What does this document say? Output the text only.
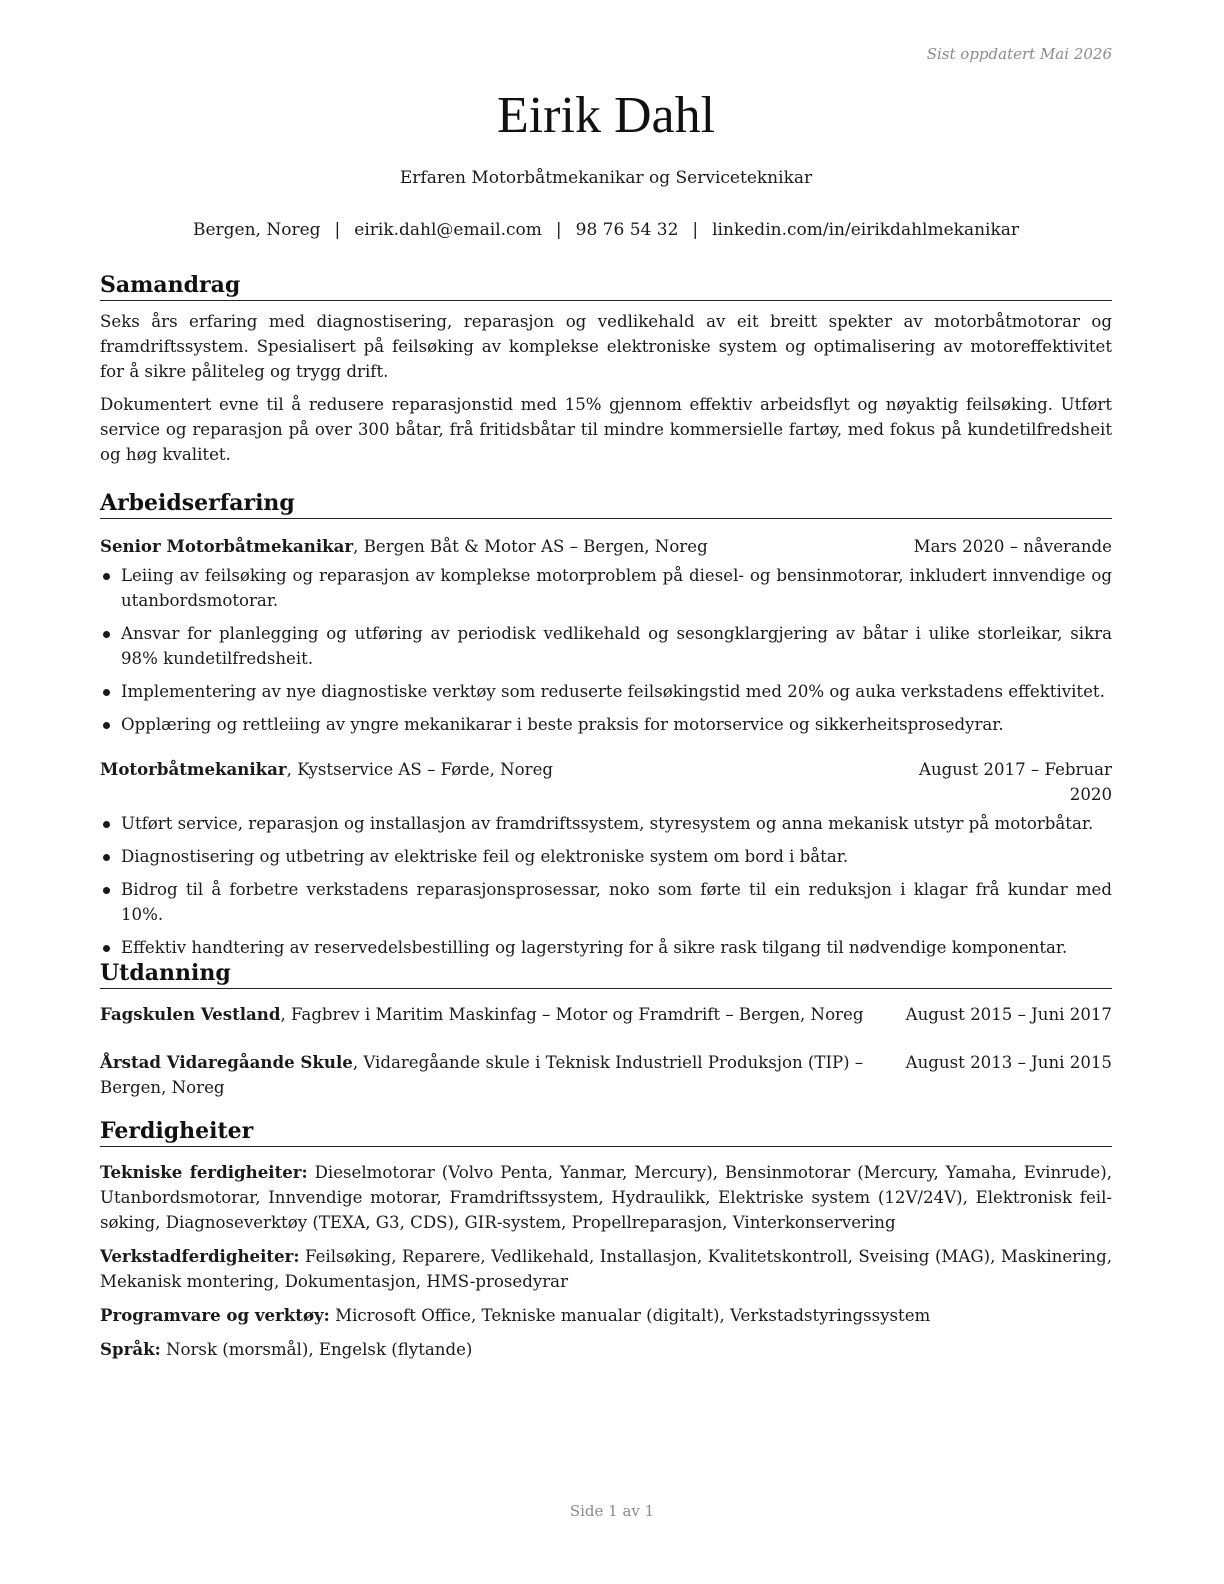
Sist oppdatert Mai 2026
Eirik Dahl
Erfaren Motorbåtmekanikar og Serviceteknikar
Bergen, Noreg | eirik.dahl@email.com | 98 76 54 32 | linkedin.com/in/eirikdahlmekanikar
Samandrag

Seks års erfaring med diagnostisering, reparasjon og vedlikehald av eit breitt spekter av motorbåtmotorar og framdriftssystem. Spesialisert på feilsøking av komplekse elektroniske system og optimalisering av motoreffektivitet for å sikre påliteleg og trygg drift.

Dokumentert evne til å redusere reparasjonstid med 15% gjennom effektiv arbeidsflyt og nøyaktig feilsøking. Utført service og reparasjon på over 300 båtar, frå fritidsbåtar til mindre kommersielle fartøy, med fokus på kundetilfredsheit og høg kvalitet.

Arbeidserfaring
Senior Motorbåtmekanikar, Bergen Båt & Motor AS – Bergen, Noreg	Mars 2020 – nåverande
Leiing av feilsøking og reparasjon av komplekse motorproblem på diesel- og bensinmotorar, inkludert innvendige og utanbordsmotorar.
Ansvar for planlegging og utføring av periodisk vedlikehald og sesongklargjering av båtar i ulike storleikar, sikra 98% kundetilfredsheit.
Implementering av nye diagnostiske verktøy som reduserte feilsøkingstid med 20% og auka verkstadens effektivitet.
Opplæring og rettleiing av yngre mekanikarar i beste praksis for motorservice og sikkerheitsprosedyrar.
Motorbåtmekanikar, Kystservice AS – Førde, Noreg	August 2017 – Februar 2020
Utført service, reparasjon og installasjon av framdriftssystem, styresystem og anna mekanisk utstyr på motorbåtar.
Diagnostisering og utbetring av elektriske feil og elektroniske system om bord i båtar.
Bidrog til å forbetre verkstadens reparasjonsprosessar, noko som førte til ein reduksjon i klagar frå kundar med 10%.
Effektiv handtering av reservedelsbestilling og lagerstyring for å sikre rask tilgang til nødvendige komponentar.
Utdanning
Fagskulen Vestland, Fagbrev i Maritim Maskinfag – Motor og Framdrift – Bergen, Noreg	August 2015 – Juni 2017
Årstad Vidaregåande Skule, Vidaregåande skule i Teknisk Industriell Produksjon (TIP) – Bergen, Noreg
August 2013 – Juni 2015
Ferdigheiter

Tekniske ferdigheiter: Dieselmotorar (Volvo Penta, Yanmar, Mercury), Bensinmotorar (Mercury, Yamaha, Evinrude), Utanbordsmotorar, Innvendige motorar, Framdriftssystem, Hydraulikk, Elektriske system (12V/24V), Elektronisk feilsøking, Diagnoseverktøy (TEXA, G3, CDS), GIR-system, Propellreparasjon, Vinterkonservering

Verkstadferdigheiter: Feilsøking, Reparere, Vedlikehald, Installasjon, Kvalitetskontroll, Sveising (MAG), Maskinering, Mekanisk montering, Dokumentasjon, HMS-prosedyrar

Programvare og verktøy: Microsoft Office, Tekniske manualar (digitalt), Verkstadstyringssystem

Språk: Norsk (morsmål), Engelsk (flytande)

Side 1 av 1
